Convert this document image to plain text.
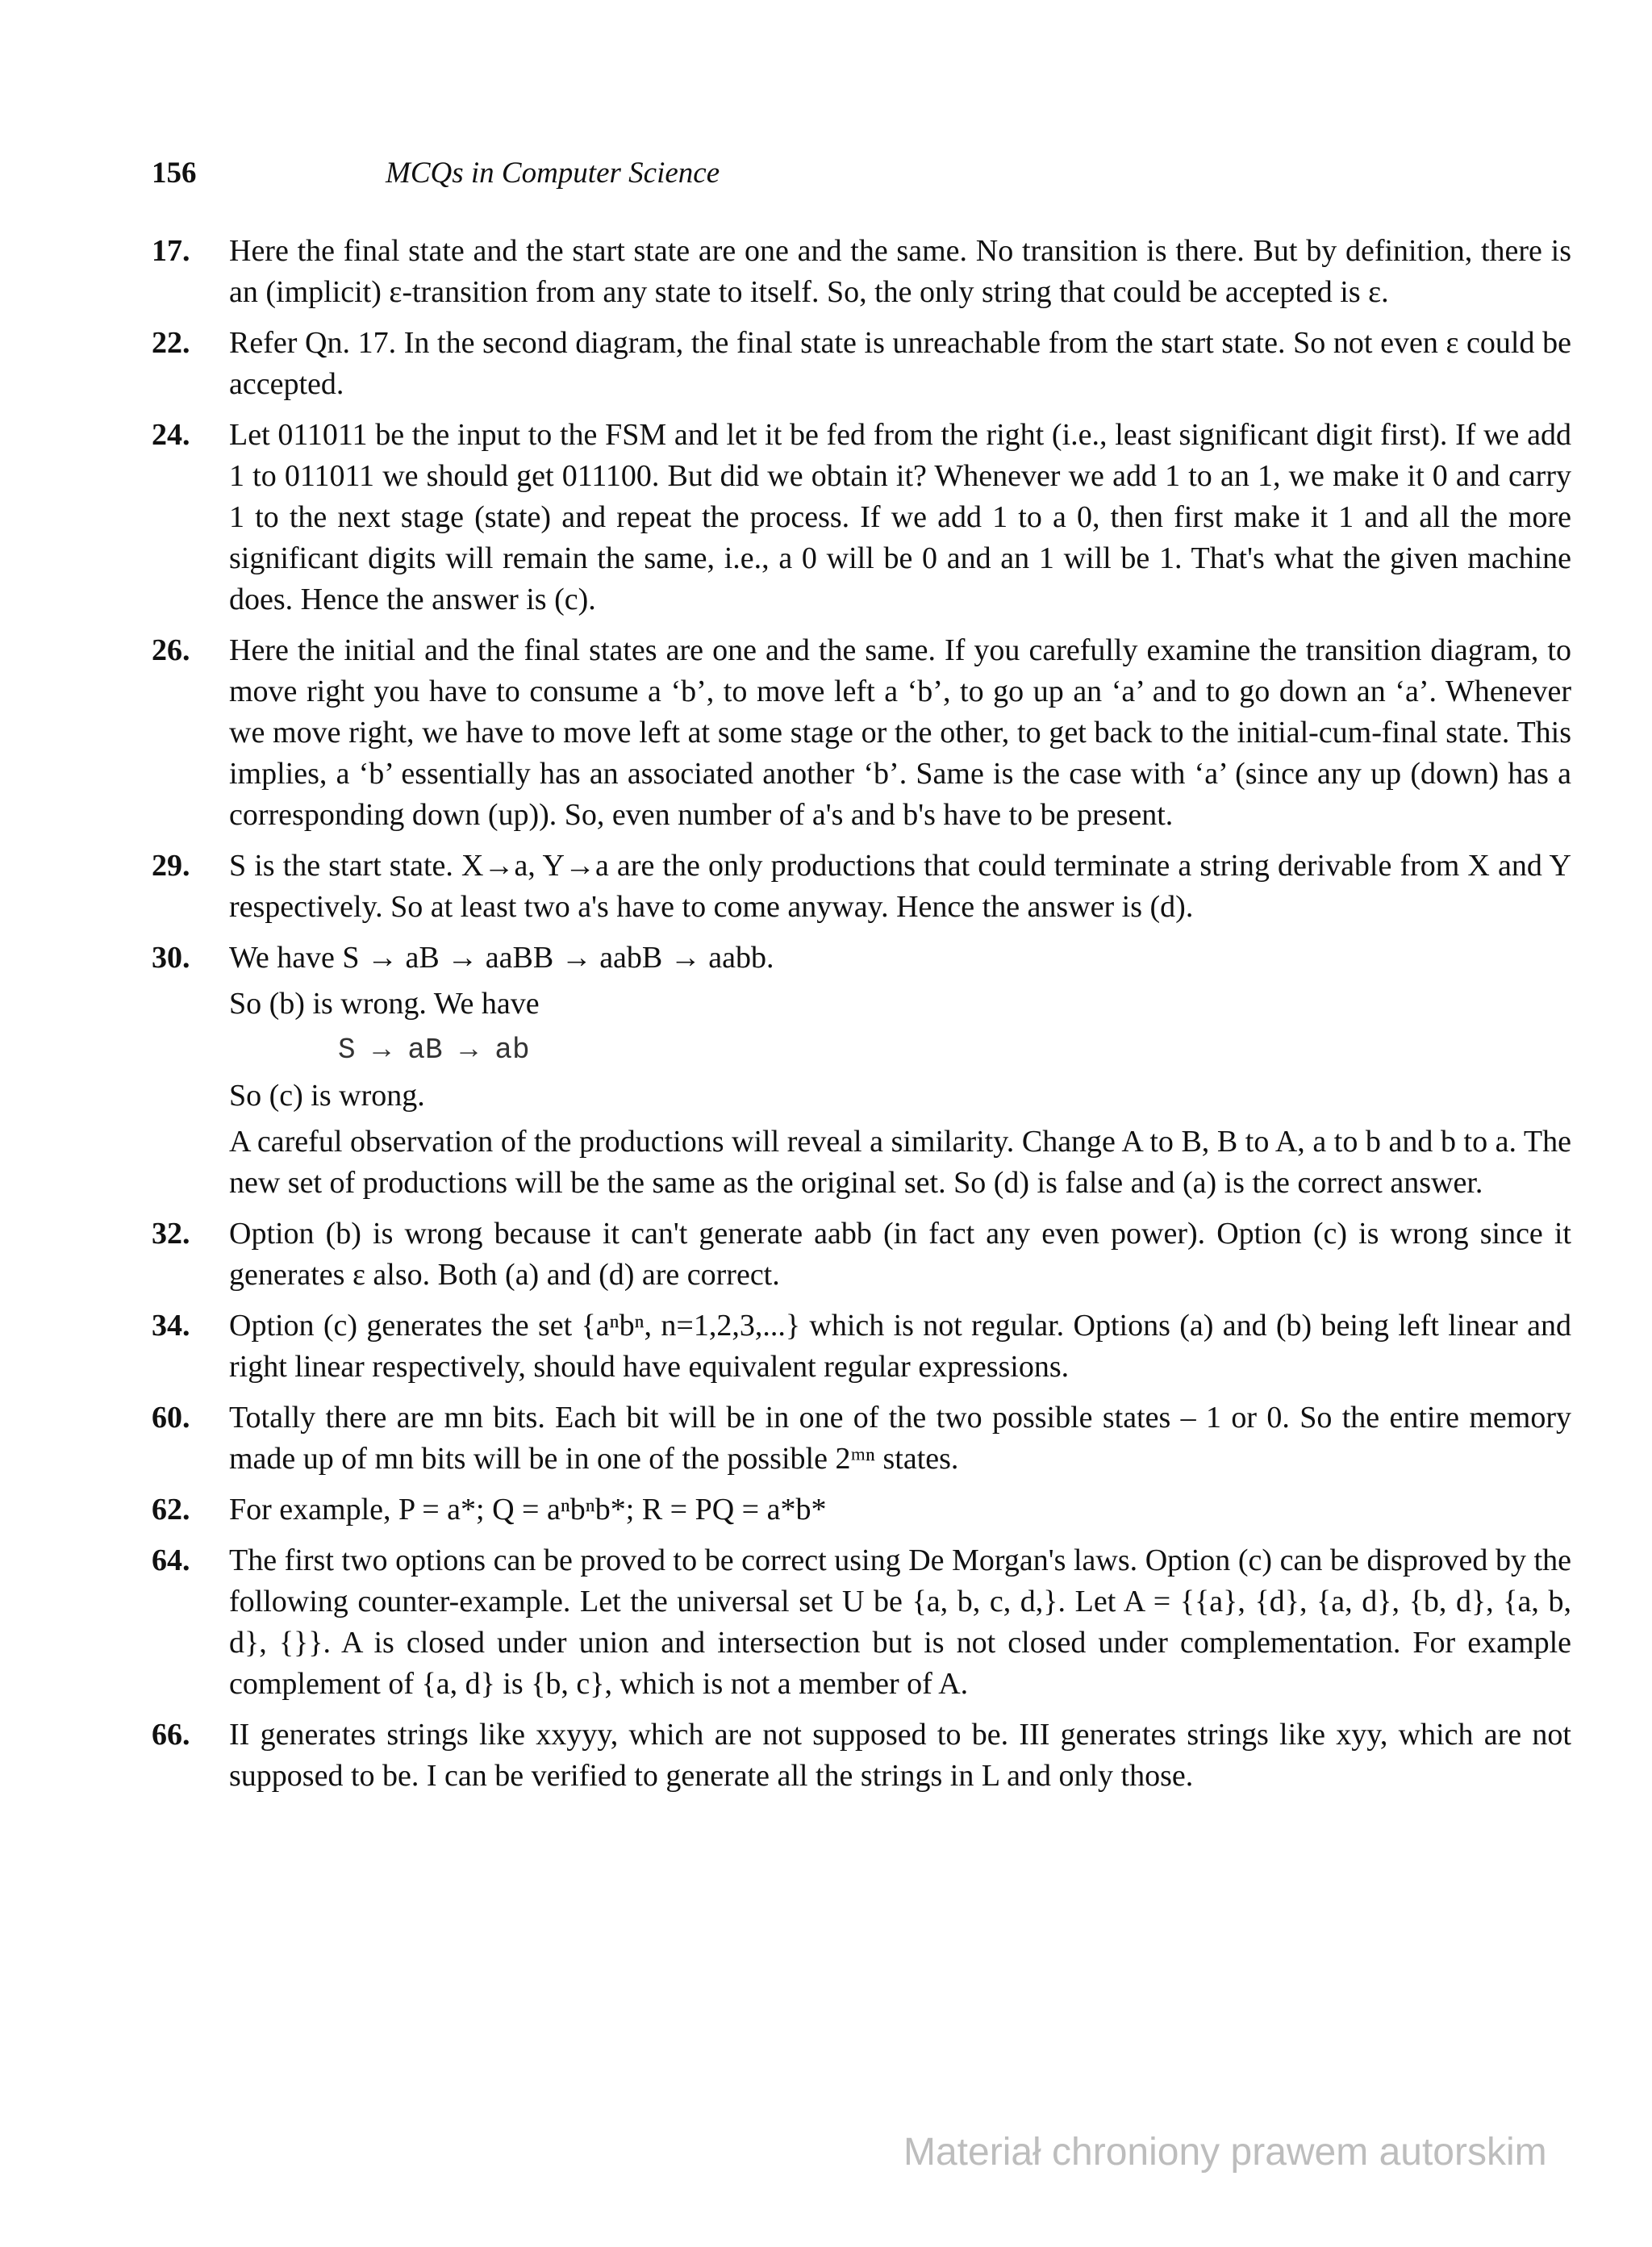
156	MCQs in Computer Science
17. Here the final state and the start state are one and the same. No transition is there. But by definition, there is an (implicit) ε-transition from any state to itself. So, the only string that could be accepted is ε.

22. Refer Qn. 17. In the second diagram, the final state is unreachable from the start state. So not even ε could be accepted.

24. Let 011011 be the input to the FSM and let it be fed from the right (i.e., least significant digit first). If we add 1 to 011011 we should get 011100. But did we obtain it? Whenever we add 1 to an 1, we make it 0 and carry 1 to the next stage (state) and repeat the process. If we add 1 to a 0, then first make it 1 and all the more significant digits will remain the same, i.e., a 0 will be 0 and an 1 will be 1. That's what the given machine does. Hence the answer is (c).

26. Here the initial and the final states are one and the same. If you carefully examine the transition diagram, to move right you have to consume a ‘b’, to move left a ‘b’, to go up an ‘a’ and to go down an ‘a’. Whenever we move right, we have to move left at some stage or the other, to get back to the initial-cum-final state. This implies, a ‘b’ essentially has an associated another ‘b’. Same is the case with ‘a’ (since any up (down) has a corresponding down (up)). So, even number of a's and b's have to be present.

29. S is the start state. X→a, Y→a are the only productions that could terminate a string derivable from X and Y respectively. So at least two a's have to come anyway. Hence the answer is (d).

30. We have S → aB → aaBB → aabB → aabb.

So (b) is wrong. We have

S → aB → ab

So (c) is wrong.

A careful observation of the productions will reveal a similarity. Change A to B, B to A, a to b and b to a. The new set of productions will be the same as the original set. So (d) is false and (a) is the correct answer.

32. Option (b) is wrong because it can't generate aabb (in fact any even power). Option (c) is wrong since it generates ε also. Both (a) and (d) are correct.

34. Option (c) generates the set {aⁿbⁿ, n=1,2,3,...} which is not regular. Options (a) and (b) being left linear and right linear respectively, should have equivalent regular expressions.

60. Totally there are mn bits. Each bit will be in one of the two possible states – 1 or 0. So the entire memory made up of mn bits will be in one of the possible 2ᵐⁿ states.

62. For example, P = a*; Q = aⁿbⁿb*; R = PQ = a*b*

64. The first two options can be proved to be correct using De Morgan's laws. Option (c) can be disproved by the following counter-example. Let the universal set U be {a, b, c, d,}. Let A = {{a}, {d}, {a, d}, {b, d}, {a, b, d}, {}}. A is closed under union and intersection but is not closed under complementation. For example complement of {a, d} is {b, c}, which is not a member of A.

66. II generates strings like xxyyy, which are not supposed to be. III generates strings like xyy, which are not supposed to be. I can be verified to generate all the strings in L and only those.

Materiał chroniony prawem autorskim
